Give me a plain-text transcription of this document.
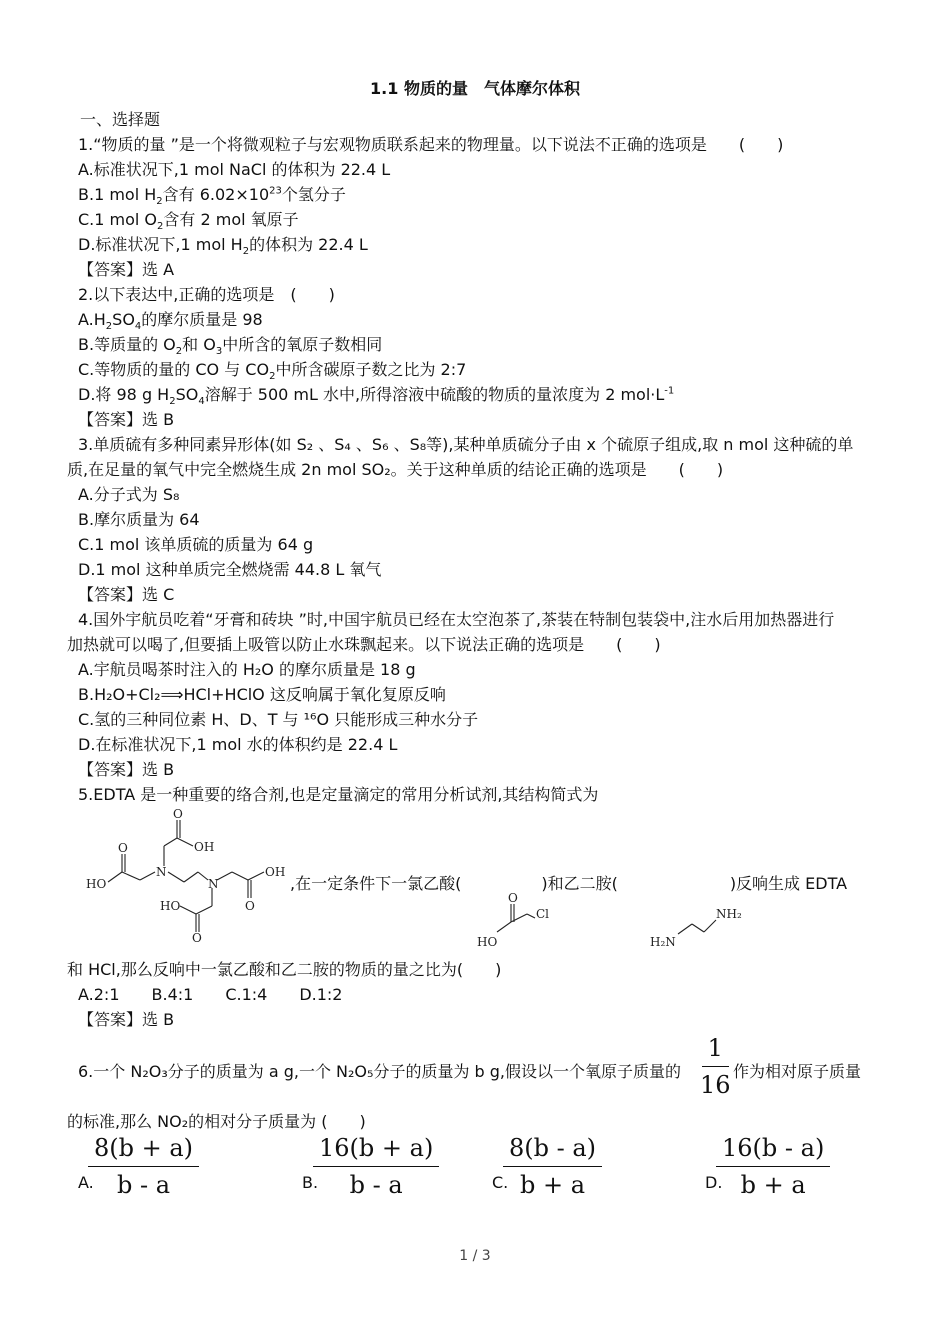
1.1 物质的量　气体摩尔体积
一、选择题
1.“物质的量 ”是一个将微观粒子与宏观物质联系起来的物理量。以下说法不正确的选项是　　(　　)
A.标准状况下,1 mol NaCl 的体积为 22.4 L
B.1 mol $H_2$含有 $6.02\times 10^{23}$个氢分子
C.1 mol $O_2$含有 2 mol 氧原子
D.标准状况下,1 mol $H_2$的体积为 22.4 L
【答案】选 A
2.以下表达中,正确的选项是　(　　)
$A.H_2SO_4$的摩尔质量是 98
B.等质量的 $O_2$和 $O_3$中所含的氧原子数相同
C.等物质的量的 CO 与 $CO_2$中所含碳原子数之比为 2:7
D.将 98 g $H_2SO_4$溶解于 500 mL 水中,所得溶液中硫酸的物质的量浓度为 2 $mol\cdot L^{-1}$
【答案】选 B
3.单质硫有多种同素异形体(如 S₂ 、S₄ 、S₆ 、S₈等),某种单质硫分子由 x 个硫原子组成,取 n mol 这种硫的单
质,在足量的氧气中完全燃烧生成 2n mol SO₂。关于这种单质的结论正确的选项是　　(　　)
A.分子式为 S₈
B.摩尔质量为 64
C.1 mol 该单质硫的质量为 64 g
D.1 mol 这种单质完全燃烧需 44.8 L 氧气
【答案】选 C
4.国外宇航员吃着“牙膏和砖块 ”时,中国宇航员已经在太空泡茶了,茶装在特制包装袋中,注水后用加热器进行
加热就可以喝了,但要插上吸管以防止水珠飘起来。以下说法正确的选项是　　(　　)
A.宇航员喝茶时注入的 H₂O 的摩尔质量是 18 g
B.H₂O+Cl₂⟹HCl+HClO 这反响属于氧化复原反响
C.氢的三种同位素 H、D、T 与 ¹⁶O 只能形成三种水分子
D.在标准状况下,1 mol 水的体积约是 22.4 L
【答案】选 B
5.EDTA 是一种重要的络合剂,也是定量滴定的常用分析试剂,其结构简式为
O
OH
HO
O
N
N
O
OH
HO
O
,在一定条件下一氯乙酸(　　　　　)和乙二胺(　　　　　　　)反响生成 EDTA
O
Cl
HO
NH₂
H₂N
和 HCl,那么反响中一氯乙酸和乙二胺的物质的量之比为(　　)
A.2:1　　B.4:1　　C.1:4　　D.1:2
【答案】选 B
6.一个 N₂O₃分子的质量为 a g,一个 N₂O₅分子的质量为 b g,假设以一个氧原子质量的 $\frac{1}{16}$ 作为相对原子质量
的标准,那么 NO₂的相对分子质量为 (　　)
A.
$\frac{8(b + a)}{b - a}$	B.
$\frac{16(b + a)}{b - a}$	C.
$\frac{8(b - a)}{b + a}$	D.
$\frac{16(b - a)}{b + a}$
1 / 3
